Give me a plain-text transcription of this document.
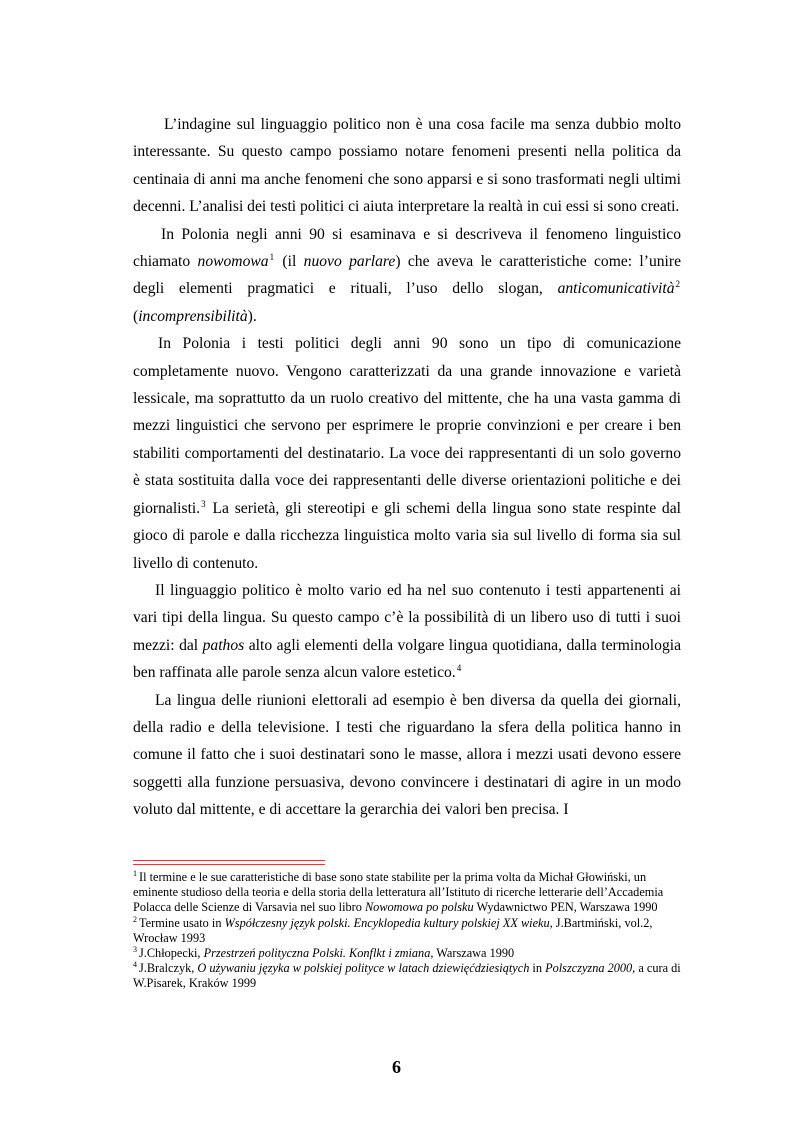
L’indagine sul linguaggio politico non è una cosa facile ma senza dubbio molto interessante. Su questo campo possiamo notare fenomeni presenti nella politica da centinaia di anni ma anche fenomeni che sono apparsi e si sono trasformati negli ultimi decenni. L’analisi dei testi politici ci aiuta interpretare la realtà in cui essi si sono creati.

In Polonia negli anni 90 si esaminava e si descriveva il fenomeno linguistico chiamato nowomowa$^1$ (il nuovo parlare) che aveva le caratteristiche come: l’unire degli elementi pragmatici e rituali, l’uso dello slogan, anticomunicatività$^2$ (incomprensibilità).

In Polonia i testi politici degli anni 90 sono un tipo di comunicazione completamente nuovo. Vengono caratterizzati da una grande innovazione e varietà lessicale, ma soprattutto da un ruolo creativo del mittente, che ha una vasta gamma di mezzi linguistici che servono per esprimere le proprie convinzioni e per creare i ben stabiliti comportamenti del destinatario. La voce dei rappresentanti di un solo governo è stata sostituita dalla voce dei rappresentanti delle diverse orientazioni politiche e dei giornalisti.$^3$ La serietà, gli stereotipi e gli schemi della lingua sono state respinte dal gioco di parole e dalla ricchezza linguistica molto varia sia sul livello di forma sia sul livello di contenuto.

Il linguaggio politico è molto vario ed ha nel suo contenuto i testi appartenenti ai vari tipi della lingua. Su questo campo c’è la possibilità di un libero uso di tutti i suoi mezzi: dal pathos alto agli elementi della volgare lingua quotidiana, dalla terminologia ben raffinata alle parole senza alcun valore estetico.$^4$

La lingua delle riunioni elettorali ad esempio è ben diversa da quella dei giornali, della radio e della televisione. I testi che riguardano la sfera della politica hanno in comune il fatto che i suoi destinatari sono le masse, allora i mezzi usati devono essere soggetti alla funzione persuasiva, devono convincere i destinatari di agire in un modo voluto dal mittente, e di accettare la gerarchia dei valori ben precisa. I

$^1$ Il termine e le sue caratteristiche di base sono state stabilite per la prima volta da Michał Głowiński, un eminente studioso della teoria e della storia della letteratura all’Istituto di ricerche letterarie dell’Accademia Polacca delle Scienze di Varsavia nel suo libro Nowomowa po polsku Wydawnictwo PEN, Warszawa 1990

$^2$ Termine usato in Współczesny język polski. Encyklopedia kultury polskiej XX wieku, J.Bartmiński, vol.2, Wrocław 1993

$^3$ J.Chłopecki, Przestrzeń polityczna Polski. Konflkt i zmiana, Warszawa 1990

$^4$ J.Bralczyk, O używaniu języka w polskiej polityce w latach dziewięćdziesiątych in Polszczyzna 2000, a cura di W.Pisarek, Kraków 1999

6
